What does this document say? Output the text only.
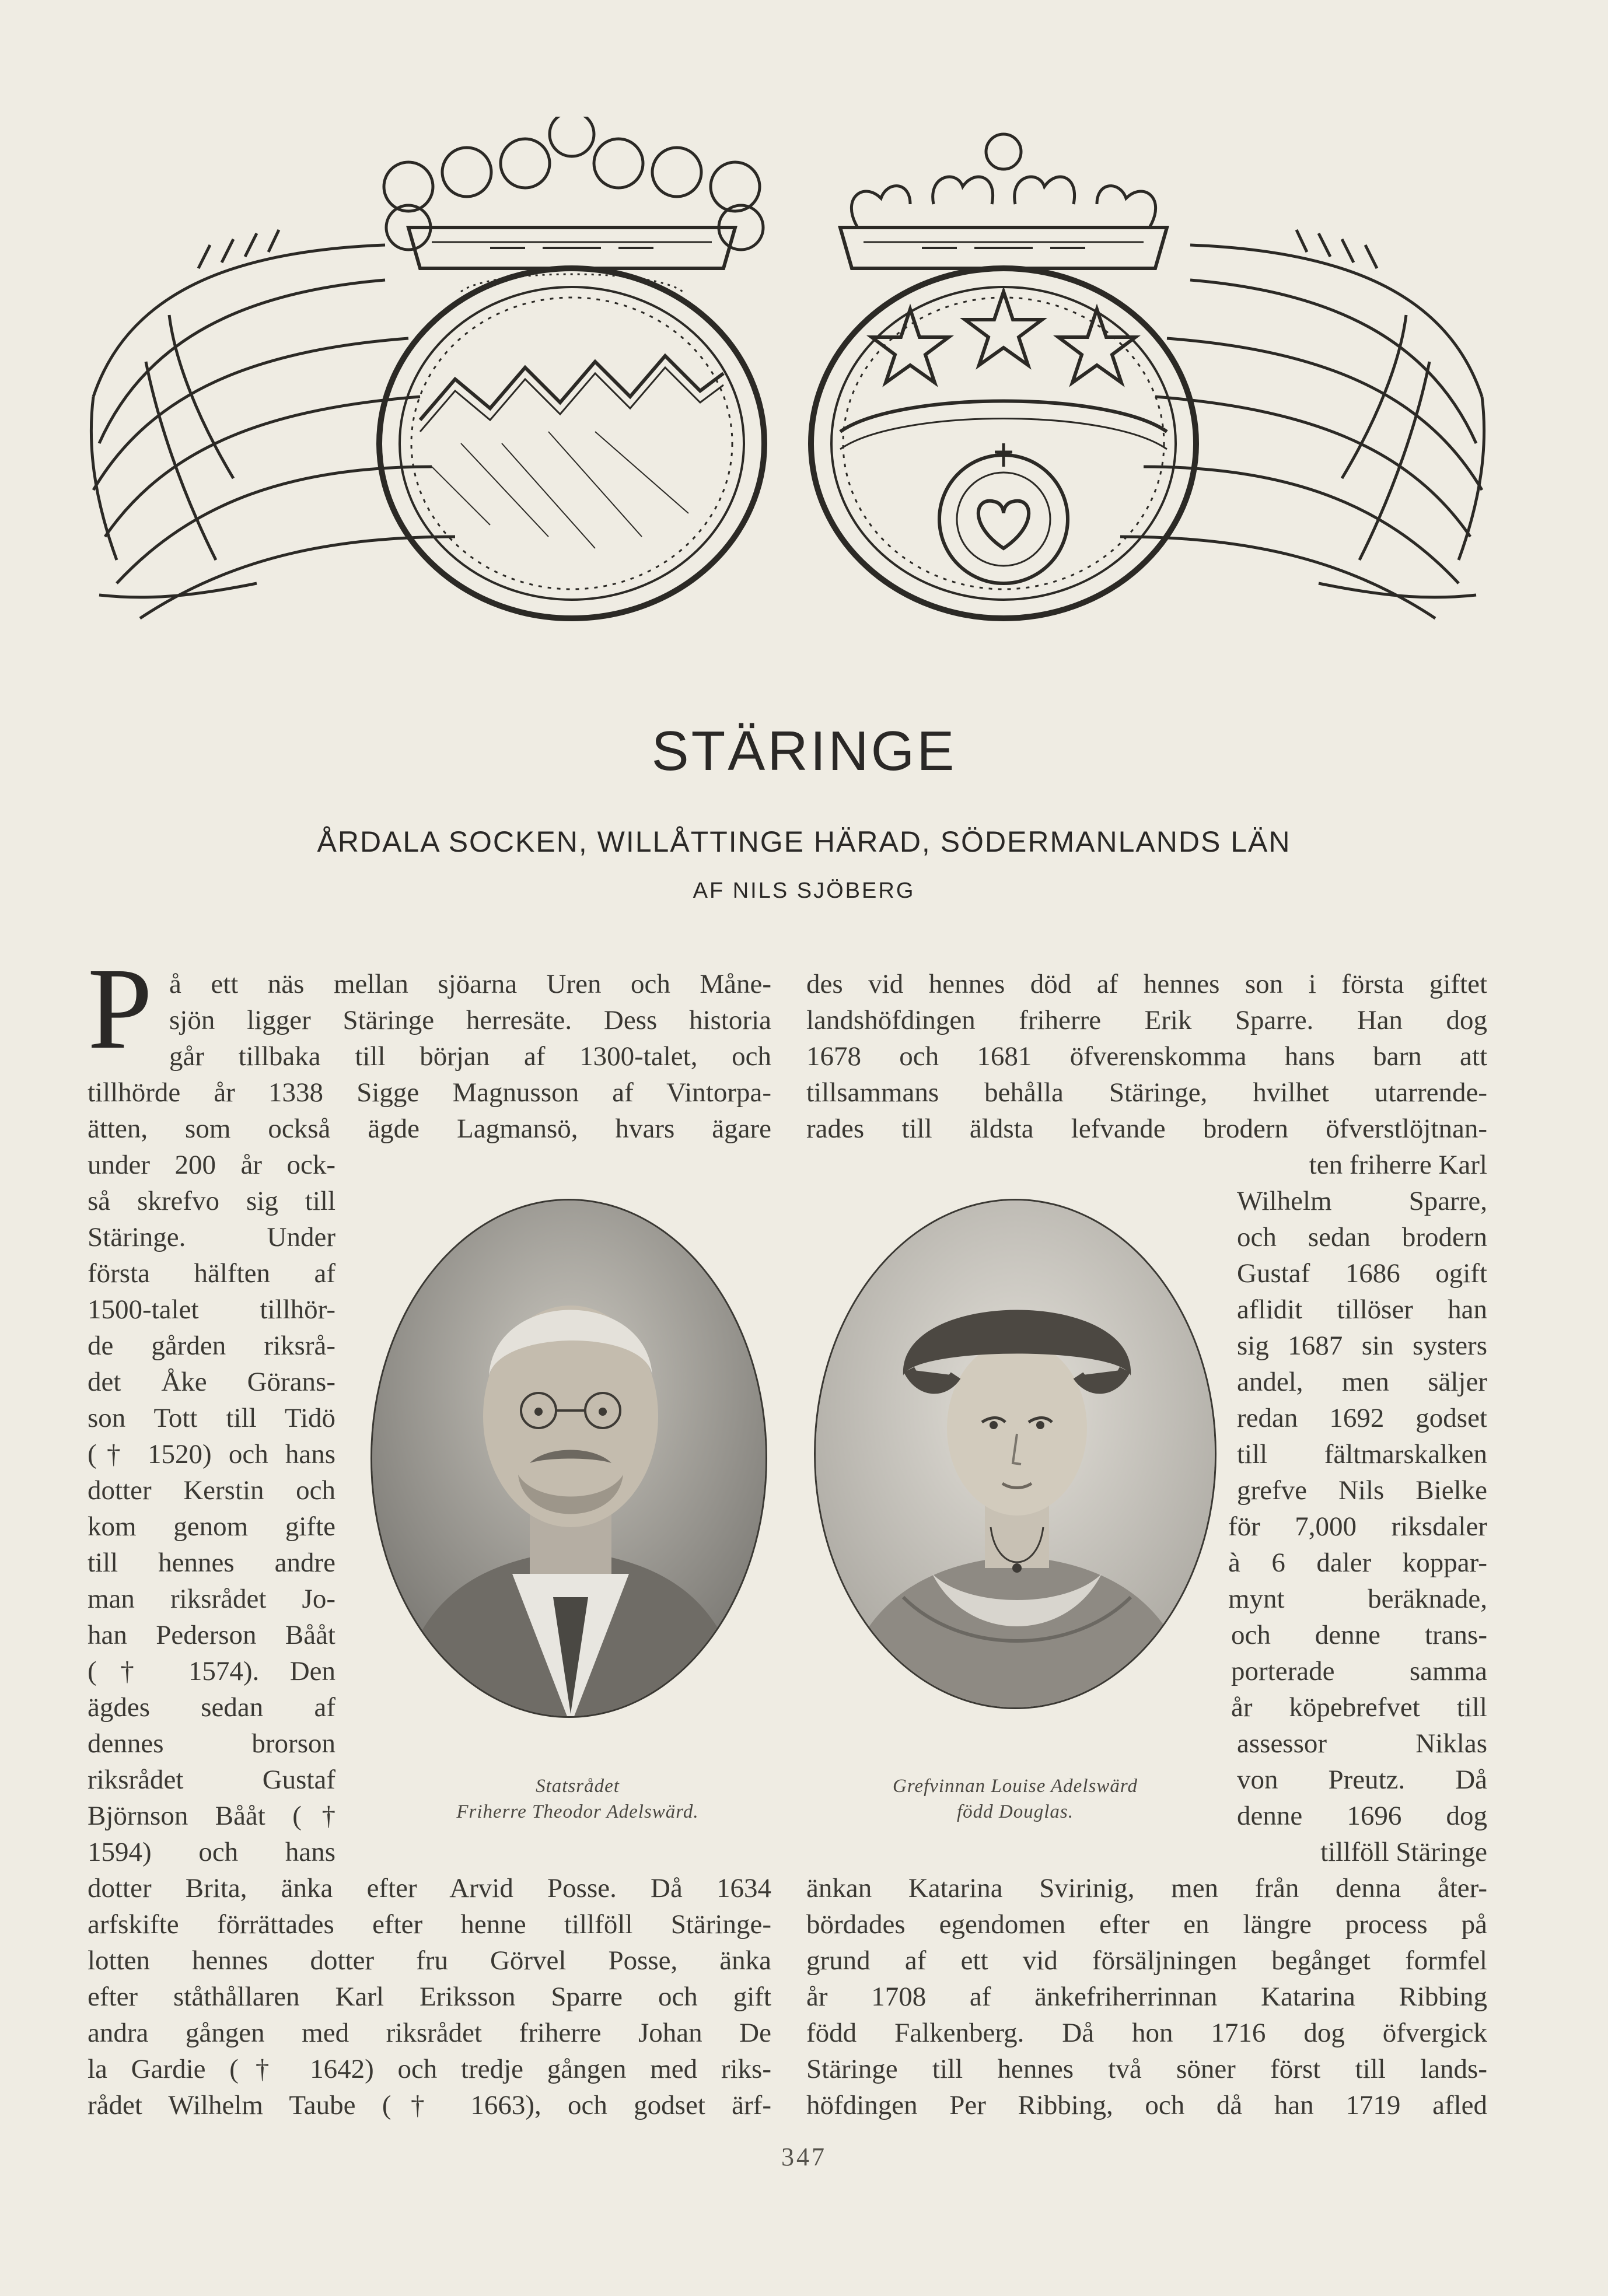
STÄRINGE
ÅRDALA SOCKEN, WILLÅTTINGE HÄRAD, SÖDERMANLANDS LÄN
AF NILS SJÖBERG
P å ett näs mellan sjöarna Uren och Måne-
sjön ligger Stäringe herresäte. Dess historia
går tillbaka till början af 1300-talet, och
tillhörde år 1338 Sigge Magnusson af Vintorpa-
ätten, som också ägde Lagmansö, hvars ägare
under 200 år ock-
så skrefvo sig till
Stäringe. Under
första hälften af
1500-talet tillhör-
de gården riksrå-
det Åke Görans-
son Tott till Tidö
(† 1520) och hans
dotter Kerstin och
kom genom gifte
till hennes andre
man riksrådet Jo-
han Pederson Bååt
(† 1574). Den
ägdes sedan af
dennes brorson
riksrådet Gustaf
Björnson Bååt (†
1594) och hans
dotter Brita, änka efter Arvid Posse. Då 1634
arfskifte förrättades efter henne tillföll Stäringe-
lotten hennes dotter fru Görvel Posse, änka
efter ståthållaren Karl Eriksson Sparre och gift
andra gången med riksrådet friherre Johan De
la Gardie († 1642) och tredje gången med riks-
rådet Wilhelm Taube († 1663), och godset ärf-
des vid hennes död af hennes son i första giftet
landshöfdingen friherre Erik Sparre. Han dog
1678 och 1681 öfverenskomma hans barn att
tillsammans behålla Stäringe, hvilhet utarrende-
rades till äldsta lefvande brodern öfverstlöjtnan-
ten friherre Karl
Wilhelm Sparre,
och sedan brodern
Gustaf 1686 ogift
aflidit tillöser han
sig 1687 sin systers
andel, men säljer
redan 1692 godset
till fältmarskalken
grefve Nils Bielke
för 7,000 riksdaler
à 6 daler koppar-
mynt beräknade,
och denne trans-
porterade samma
år köpebrefvet till
assessor Niklas
von Preutz. Då
denne 1696 dog
tillföll Stäringe
änkan Katarina Svirinig, men från denna åter-
bördades egendomen efter en längre process på
grund af ett vid försäljningen begånget formfel
år 1708 af änkefriherrinnan Katarina Ribbing
född Falkenberg. Då hon 1716 dog öfvergick
Stäringe till hennes två söner först till lands-
höfdingen Per Ribbing, och då han 1719 afled
Statsrådet
Friherre Theodor Adelswärd.
Grefvinnan Louise Adelswärd
född Douglas.
347
